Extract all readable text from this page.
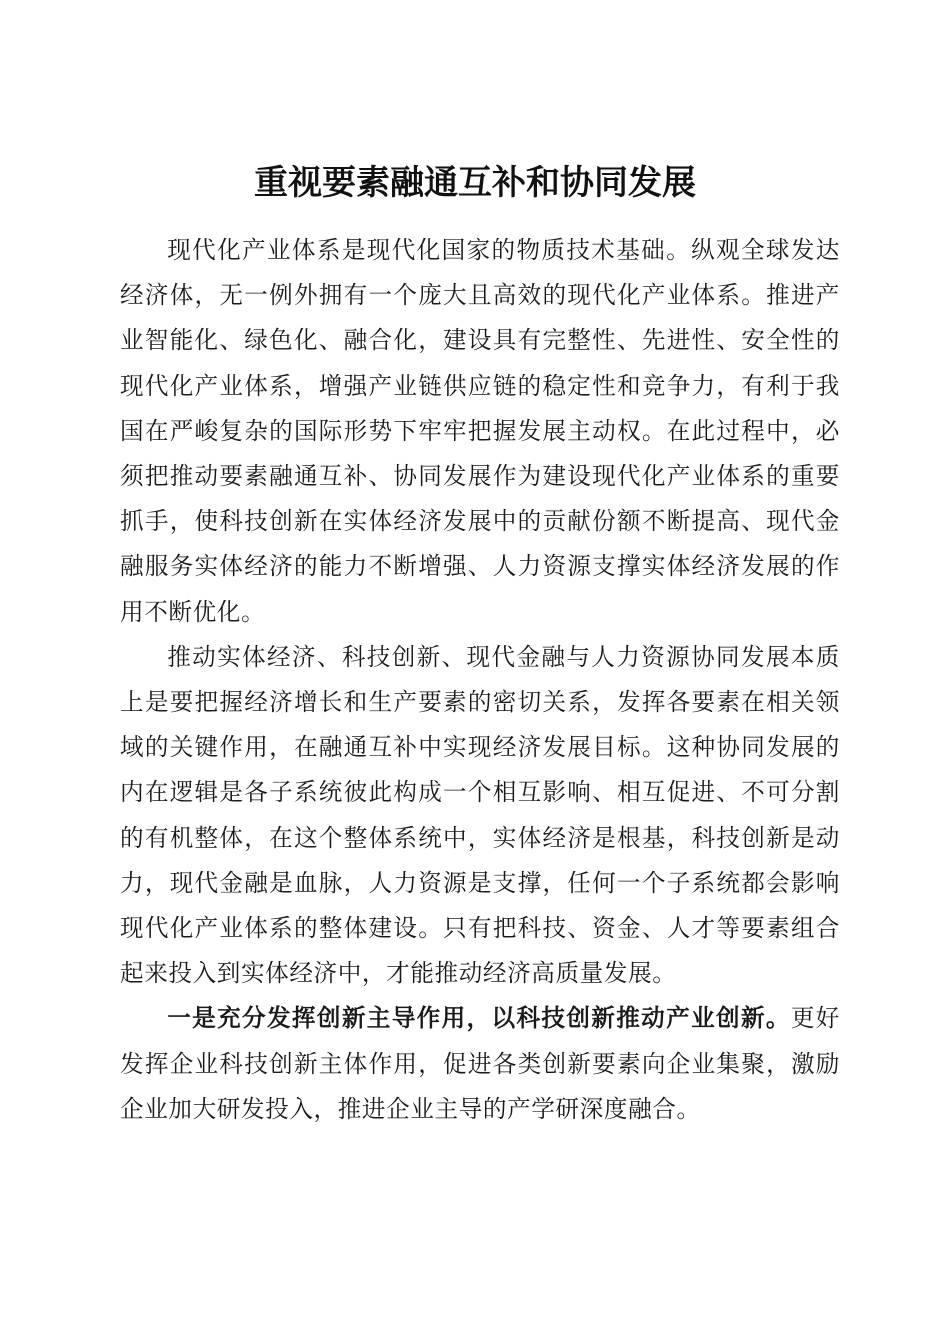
重视要素融通互补和协同发展

现代化产业体系是现代化国家的物质技术基础。纵观全球发达经济体，无一例外拥有一个庞大且高效的现代化产业体系。推进产业智能化、绿色化、融合化，建设具有完整性、先进性、安全性的现代化产业体系，增强产业链供应链的稳定性和竞争力，有利于我国在严峻复杂的国际形势下牢牢把握发展主动权。在此过程中，必须把推动要素融通互补、协同发展作为建设现代化产业体系的重要抓手，使科技创新在实体经济发展中的贡献份额不断提高、现代金融服务实体经济的能力不断增强、人力资源支撑实体经济发展的作用不断优化。

推动实体经济、科技创新、现代金融与人力资源协同发展本质上是要把握经济增长和生产要素的密切关系，发挥各要素在相关领域的关键作用，在融通互补中实现经济发展目标。这种协同发展的内在逻辑是各子系统彼此构成一个相互影响、相互促进、不可分割的有机整体，在这个整体系统中，实体经济是根基，科技创新是动力，现代金融是血脉，人力资源是支撑，任何一个子系统都会影响现代化产业体系的整体建设。只有把科技、资金、人才等要素组合起来投入到实体经济中，才能推动经济高质量发展。

一是充分发挥创新主导作用，以科技创新推动产业创新。更好发挥企业科技创新主体作用，促进各类创新要素向企业集聚，激励企业加大研发投入，推进企业主导的产学研深度融合。
